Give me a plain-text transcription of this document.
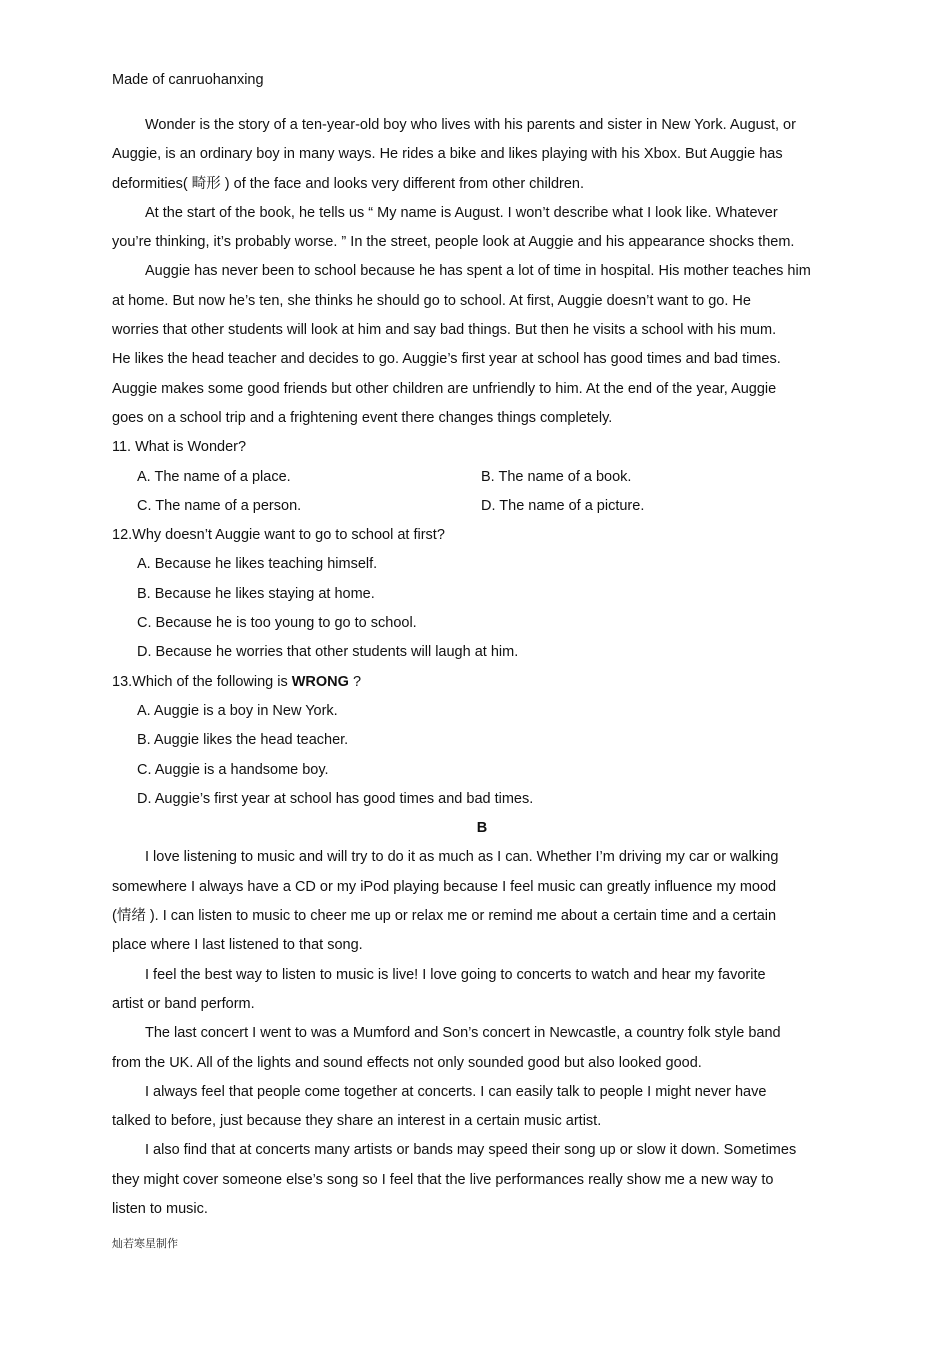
Made of canruohanxing
Wonder is the story of a ten-year-old boy who lives with his parents and sister in New York. August, or
Auggie, is an ordinary boy in many ways. He rides a bike and likes playing with his Xbox. But Auggie has
deformities( 畸形 ) of the face and looks very different from other children.
At the start of the book, he tells us “ My name is August. I won’t describe what I look like. Whatever
you’re thinking, it’s probably worse. ” In the street, people look at Auggie and his appearance shocks them.
Auggie has never been to school because he has spent a lot of time in hospital. His mother teaches him
at home. But now he’s ten, she thinks he should go to school. At first, Auggie doesn’t want to go. He
worries that other students will look at him and say bad things. But then he visits a school with his mum.
He likes the head teacher and decides to go. Auggie’s first year at school has good times and bad times.
Auggie makes some good friends but other children are unfriendly to him. At the end of the year, Auggie
goes on a school trip and a frightening event there changes things completely.
11. What is Wonder?
A. The name of a place.	B. The name of a book.
C. The name of a person.	D. The name of a picture.
12.Why doesn’t Auggie want to go to school at first?
A. Because he likes teaching himself.
B. Because he likes staying at home.
C. Because he is too young to go to school.
D. Because he worries that other students will laugh at him.
13.Which of the following is WRONG ?
A. Auggie is a boy in New York.
B. Auggie likes the head teacher.
C. Auggie is a handsome boy.
D. Auggie’s first year at school has good times and bad times.
B
I love listening to music and will try to do it as much as I can. Whether I’m driving my car or walking
somewhere I always have a CD or my iPod playing because I feel music can greatly influence my mood
(情绪 ). I can listen to music to cheer me up or relax me or remind me about a certain time and a certain
place where I last listened to that song.
I feel the best way to listen to music is live! I love going to concerts to watch and hear my favorite
artist or band perform.
The last concert I went to was a Mumford and Son’s concert in Newcastle, a country folk style band
from the UK. All of the lights and sound effects not only sounded good but also looked good.
I always feel that people come together at concerts. I can easily talk to people I might never have
talked to before, just because they share an interest in a certain music artist.
I also find that at concerts many artists or bands may speed their song up or slow it down. Sometimes
they might cover someone else’s song so I feel that the live performances really show me a new way to
listen to music.
灿若寒星制作
